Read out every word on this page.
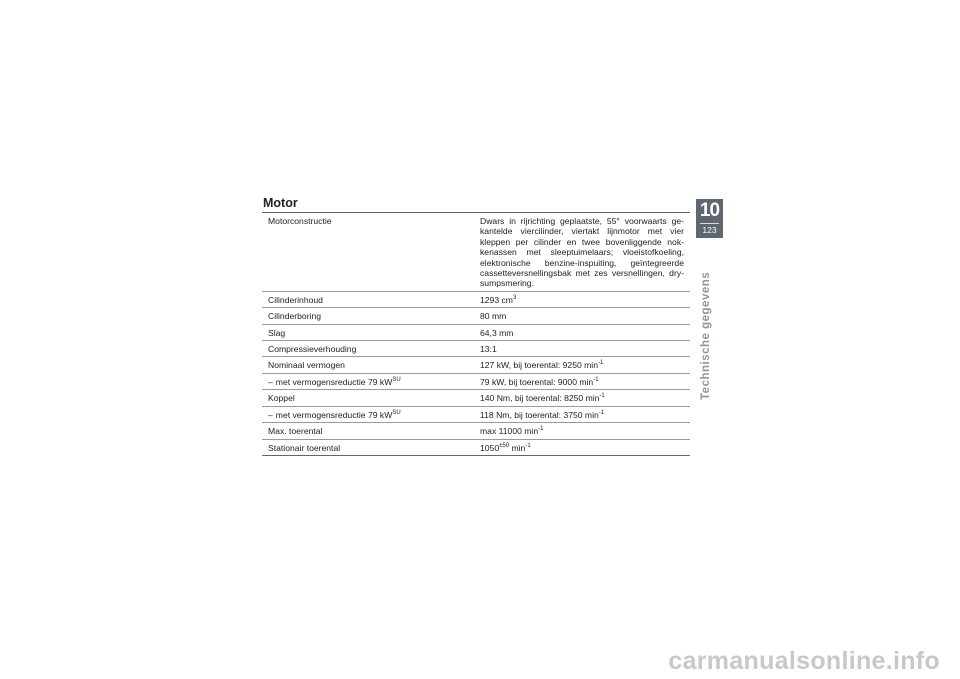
Motor
Motorconstructie	Dwars in rijrichting geplaatste, 55° voorwaarts ge-kantelde viercilinder, viertakt lijnmotor met vier kleppen per cilinder en twee bovenliggende nok-kenassen met sleeptuimelaars; vloeistofkoeling, elektronische benzine-inspuiting, geïntegreerde cassetteversnellingsbak met zes versnellingen, dry-sumpsmering.
Cilinderinhoud	1293 $cm^3$
Cilinderboring	80 mm
Slag	64,3 mm
Compressieverhouding	13:1
Nominaal vermogen	127 kW, bij toerental: 9250 $\min^{-1}$
– met vermogensreductie 79 $kW^{SU}$	79 kW, bij toerental: 9000 $\min^{-1}$
Koppel	140 Nm, bij toerental: 8250 $\min^{-1}$
– met vermogensreductie 79 $kW^{SU}$	118 Nm, bij toerental: 3750 $\min^{-1}$
Max. toerental	max 11000 $\min^{-1}$
Stationair toerental	$1050^{\pm 50}$ $\min^{-1}$
10
123
Technische gegevens
carmanualsonline.info
